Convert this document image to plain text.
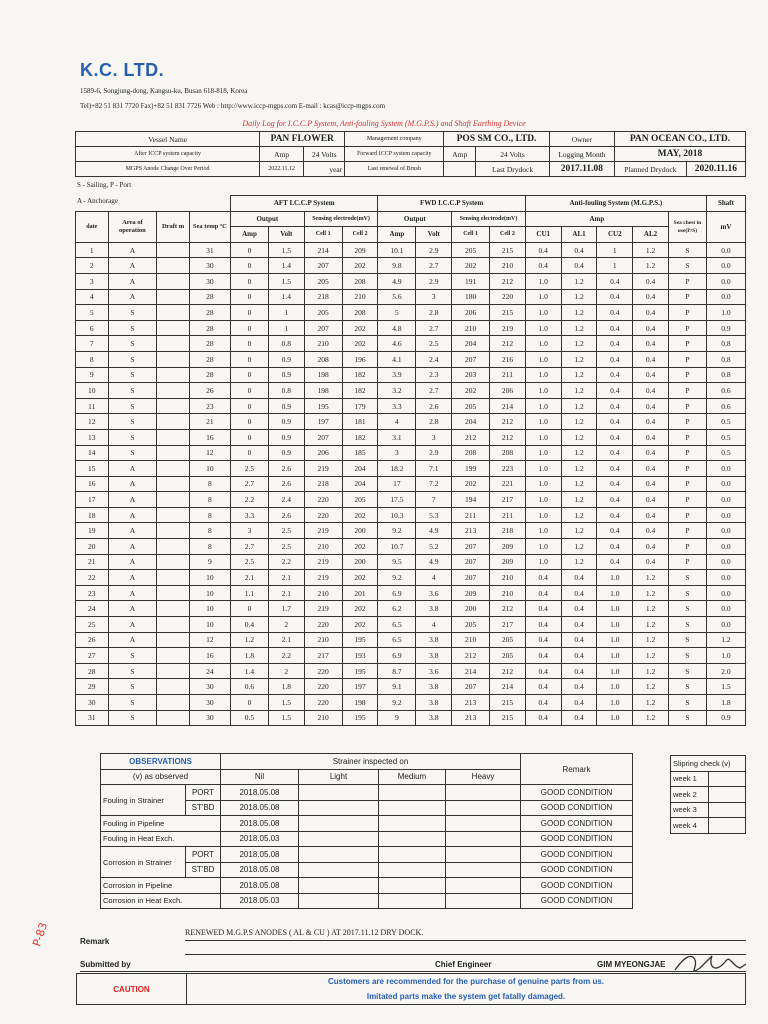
K.C. LTD.
1589-6, Songjung-dong, Kangsu-ku, Busan 618-818, Korea
Tel)+82 51 831 7720 Fax)+82 51 831 7726 Web : http://www.iccp-mgps.com E-mail : kcas@iccp-mgps.com
Daily Log for I.C.C.P System, Anti-fouling System (M.G.P.S.) and Shaft Earthing Device
Vessel Name	PAN FLOWER		Management company	POS SM CO., LTD.		Owner	PAN OCEAN CO., LTD.	
After ICCP system capacity	Amp	24 Volts	Forward ICCP system capacity	Amp	24 Volts	Logging Month	MAY, 2018	
MGPS Anode Change Over Period	2022.11.12	year	Last renewal of Brush		Last Drydock	2017.11.08	Planned Drydock	2020.11.16
S - Sailing, P - Port
A - Anchorage
				AFT I.C.C.P System				FWD I.C.C.P System				Anti-fouling System (M.G.P.S.)					Shaft
date	Area of operation	Draft m	Sea temp ºC	Output		Sensing electrode(mV)		Output		Sensing electrode(mV)		Amp				Sea chest in use(P/S)	mV
				Amp	Volt	Cell 1	Cell 2	Amp	Volt	Cell 1	Cell 2	CU1	AL1	CU2	AL2		
1	A		31	0	1.5	214	209	10.1	2.9	205	215	0.4	0.4	1	1.2	S	0.0
2	A		30	0	1.4	207	202	9.8	2.7	202	210	0.4	0.4	1	1.2	S	0.0
3	A		30	0	1.5	205	208	4.9	2.9	191	212	1.0	1.2	0.4	0.4	P	0.0
4	A		28	0	1.4	218	210	5.6	3	180	220	1.0	1.2	0.4	0.4	P	0.0
5	S		28	0	1	205	208	5	2.8	206	215	1.0	1.2	0.4	0.4	P	1.0
6	S		28	0	1	207	202	4.8	2.7	210	219	1.0	1.2	0.4	0.4	P	0.9
7	S		28	0	0.8	210	202	4.6	2.5	204	212	1.0	1.2	0.4	0.4	P	0.8
8	S		28	0	0.9	208	196	4.1	2.4	207	216	1.0	1.2	0.4	0.4	P	0.8
9	S		28	0	0.9	198	182	3.9	2.3	203	211	1.0	1.2	0.4	0.4	P	0.8
10	S		26	0	0.8	198	182	3.2	2.7	202	206	1.0	1.2	0.4	0.4	P	0.6
11	S		23	0	0.9	195	179	3.3	2.6	205	214	1.0	1.2	0.4	0.4	P	0.6
12	S		21	0	0.9	197	181	4	2.8	204	212	1.0	1.2	0.4	0.4	P	0.5
13	S		16	0	0.9	207	182	3.1	3	212	212	1.0	1.2	0.4	0.4	P	0.5
14	S		12	0	0.9	206	185	3	2.9	208	208	1.0	1.2	0.4	0.4	P	0.5
15	A		10	2.5	2.6	219	204	18.2	7.1	199	223	1.0	1.2	0.4	0.4	P	0.0
16	A		8	2.7	2.6	218	204	17	7.2	202	221	1.0	1.2	0.4	0.4	P	0.0
17	A		8	2.2	2.4	220	205	17.5	7	194	217	1.0	1.2	0.4	0.4	P	0.0
18	A		8	3.3	2.6	220	202	10.3	5.3	211	211	1.0	1.2	0.4	0.4	P	0.0
19	A		8	3	2.5	219	200	9.2	4.9	213	218	1.0	1.2	0.4	0.4	P	0.0
20	A		8	2.7	2.5	210	202	10.7	5.2	207	209	1.0	1.2	0.4	0.4	P	0.0
21	A		9	2.5	2.2	219	200	9.5	4.9	207	209	1.0	1.2	0.4	0.4	P	0.0
22	A		10	2.1	2.1	219	202	9.2	4	207	210	0.4	0.4	1.0	1.2	S	0.0
23	A		10	1.1	2.1	210	201	6.9	3.6	209	210	0.4	0.4	1.0	1.2	S	0.0
24	A		10	0	1.7	219	202	6.2	3.8	200	212	0.4	0.4	1.0	1.2	S	0.0
25	A		10	0.4	2	220	202	6.5	4	205	217	0.4	0.4	1.0	1.2	S	0.0
26	A		12	1.2	2.1	210	195	6.5	3.8	210	205	0.4	0.4	1.0	1.2	S	1.2
27	S		16	1.8	2.2	217	193	6.9	3.8	212	205	0.4	0.4	1.0	1.2	S	1.0
28	S		24	1.4	2	220	195	8.7	3.6	214	212	0.4	0.4	1.0	1.2	S	2.0
29	S		30	0.6	1.8	220	197	9.1	3.8	207	214	0.4	0.4	1.0	1.2	S	1.5
30	S		30	0	1.5	220	198	9.2	3.8	213	215	0.4	0.4	1.0	1.2	S	1.8
31	S		30	0.5	1.5	210	195	9	3.8	213	215	0.4	0.4	1.0	1.2	S	0.9
OBSERVATIONS		Strainer inspected on				Remark
(v) as observed		Nil	Light	Medium	Heavy	
Fouling in Strainer	PORT	2018.05.08				GOOD CONDITION
	ST'BD	2018.05.08				GOOD CONDITION
Fouling in Pipeline		2018.05.08				GOOD CONDITION
Fouling in Heat Exch.		2018.05.03				GOOD CONDITION
Corrosion in Strainer	PORT	2018.05.08				GOOD CONDITION
	ST'BD	2018.05.08				GOOD CONDITION
Corrosion in Pipeline		2018.05.08				GOOD CONDITION
Corrosion in Heat Exch.		2018.05.03				GOOD CONDITION
Slipring check (v)	
week 1	
week 2	
week 3	
week 4	
P-83	RENEWED M.G.P.S ANODES ( AL & CU ) AT 2017.11.12 DRY DOCK.
Remark
Submitted by	Chief Engineer	GIM MYEONGJAE
CAUTION
Customers are recommended for the purchase of genuine parts from us.
Imitated parts make the system get fatally damaged.
